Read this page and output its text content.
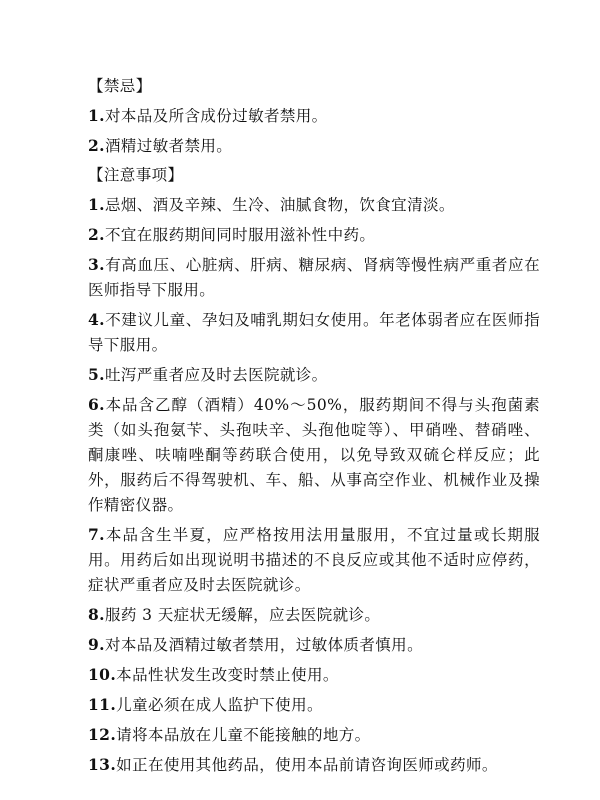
【禁忌】

1.对本品及所含成份过敏者禁用。

2.酒精过敏者禁用。

【注意事项】

1.忌烟、酒及辛辣、生冷、油腻食物，饮食宜清淡。

2.不宜在服药期间同时服用滋补性中药。

3.有高血压、心脏病、肝病、糖尿病、肾病等慢性病严重者应在医师指导下服用。

4.不建议儿童、孕妇及哺乳期妇女使用。年老体弱者应在医师指导下服用。

5.吐泻严重者应及时去医院就诊。

6.本品含乙醇（酒精）40%～50%，服药期间不得与头孢菌素类（如头孢氨苄、头孢呋辛、头孢他啶等）、甲硝唑、替硝唑、酮康唑、呋喃唑酮等药联合使用，以免导致双硫仑样反应；此外，服药后不得驾驶机、车、船、从事高空作业、机械作业及操作精密仪器。

7.本品含生半夏，应严格按用法用量服用，不宜过量或长期服用。用药后如出现说明书描述的不良反应或其他不适时应停药，症状严重者应及时去医院就诊。

8.服药 3 天症状无缓解，应去医院就诊。

9.对本品及酒精过敏者禁用，过敏体质者慎用。

10.本品性状发生改变时禁止使用。

11.儿童必须在成人监护下使用。

12.请将本品放在儿童不能接触的地方。

13.如正在使用其他药品，使用本品前请咨询医师或药师。
